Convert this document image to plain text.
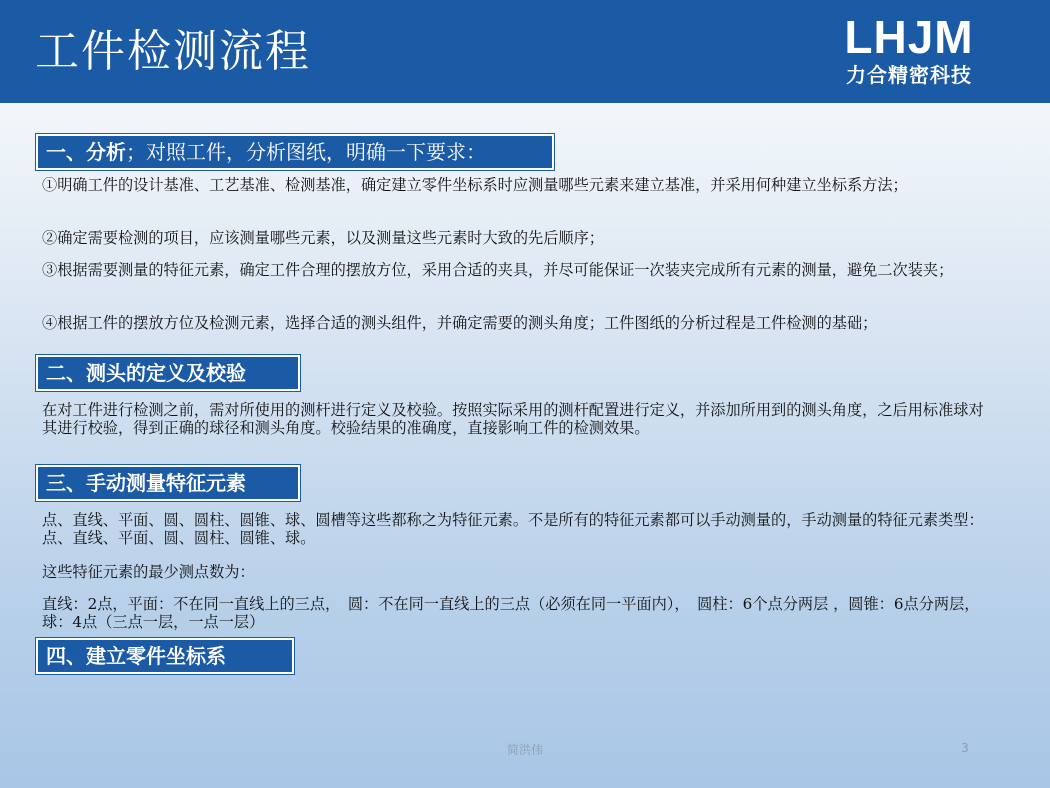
工件检测流程	LHJM
力合精密科技
一、分析；对照工件，分析图纸，明确一下要求：
①明确工件的设计基准、工艺基准、检测基准，确定建立零件坐标系时应测量哪些元素来建立基准，并采用何种建立坐标系方法；
②确定需要检测的项目，应该测量哪些元素，以及测量这些元素时大致的先后顺序；
③根据需要测量的特征元素，确定工件合理的摆放方位，采用合适的夹具，并尽可能保证一次装夹完成所有元素的测量，避免二次装夹；
④根据工件的摆放方位及检测元素，选择合适的测头组件，并确定需要的测头角度；工件图纸的分析过程是工件检测的基础；
二、测头的定义及校验
在对工件进行检测之前，需对所使用的测杆进行定义及校验。按照实际采用的测杆配置进行定义，并添加所用到的测头角度，之后用标准球对其进行校验，得到正确的球径和测头角度。校验结果的准确度，直接影响工件的检测效果。
三、手动测量特征元素
点、直线、平面、圆、圆柱、圆锥、球、圆槽等这些都称之为特征元素。不是所有的特征元素都可以手动测量的，手动测量的特征元素类型：点、直线、平面、圆、圆柱、圆锥、球。
这些特征元素的最少测点数为：
直线：2点，平面：不在同一直线上的三点，　圆：不在同一直线上的三点（必须在同一平面内），　圆柱：6个点分两层 ，圆锥：6点分两层，球：4点（三点一层，一点一层）
四、建立零件坐标系
简洪伟	3
